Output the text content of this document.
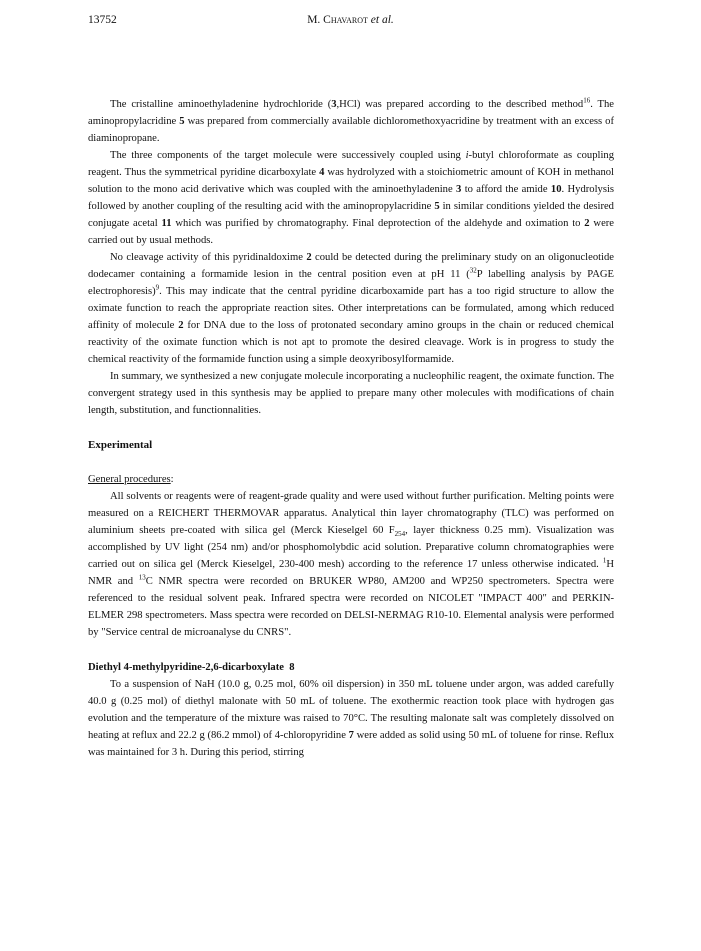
13752	M. Chavarot et al.

The cristalline aminoethyladenine hydrochloride (3,HCl) was prepared according to the described method$^{16}$. The aminopropylacridine 5 was prepared from commercially available dichloromethoxyacridine by treatment with an excess of diaminopropane.

The three components of the target molecule were successively coupled using i-butyl chloroformate as coupling reagent. Thus the symmetrical pyridine dicarboxylate 4 was hydrolyzed with a stoichiometric amount of KOH in methanol solution to the mono acid derivative which was coupled with the aminoethyladenine 3 to afford the amide 10. Hydrolysis followed by another coupling of the resulting acid with the aminopropylacridine 5 in similar conditions yielded the desired conjugate acetal 11 which was purified by chromatography. Final deprotection of the aldehyde and oximation to 2 were carried out by usual methods.

No cleavage activity of this pyridinaldoxime 2 could be detected during the preliminary study on an oligonucleotide dodecamer containing a formamide lesion in the central position even at pH 11 ($^{32}$P labelling analysis by PAGE electrophoresis)$^9$. This may indicate that the central pyridine dicarboxamide part has a too rigid structure to allow the oximate function to reach the appropriate reaction sites. Other interpretations can be formulated, among which reduced affinity of molecule 2 for DNA due to the loss of protonated secondary amino groups in the chain or reduced chemical reactivity of the oximate function which is not apt to promote the desired cleavage. Work is in progress to study the chemical reactivity of the formamide function using a simple deoxyribosylformamide.

In summary, we synthesized a new conjugate molecule incorporating a nucleophilic reagent, the oximate function. The convergent strategy used in this synthesis may be applied to prepare many other molecules with modifications of chain length, substitution, and functionnalities.

Experimental

General procedures:

All solvents or reagents were of reagent-grade quality and were used without further purification. Melting points were measured on a REICHERT THERMOVAR apparatus. Analytical thin layer chromatography (TLC) was performed on aluminium sheets pre-coated with silica gel (Merck Kieselgel 60 $F_{254}$, layer thickness 0.25 mm). Visualization was accomplished by UV light (254 nm) and/or phosphomolybdic acid solution. Preparative column chromatographies were carried out on silica gel (Merck Kieselgel, 230-400 mesh) according to the reference 17 unless otherwise indicated. $^1$H NMR and $^{13}$C NMR spectra were recorded on BRUKER WP80, AM200 and WP250 spectrometers. Spectra were referenced to the residual solvent peak. Infrared spectra were recorded on NICOLET "IMPACT 400" and PERKIN-ELMER 298 spectrometers. Mass spectra were recorded on DELSI-NERMAG R10-10. Elemental analysis were performed by "Service central de microanalyse du CNRS".

Diethyl 4-methylpyridine-2,6-dicarboxylate 8

To a suspension of NaH (10.0 g, 0.25 mol, 60% oil dispersion) in 350 mL toluene under argon, was added carefully 40.0 g (0.25 mol) of diethyl malonate with 50 mL of toluene. The exothermic reaction took place with hydrogen gas evolution and the temperature of the mixture was raised to 70°C. The resulting malonate salt was completely dissolved on heating at reflux and 22.2 g (86.2 mmol) of 4-chloropyridine 7 were added as solid using 50 mL of toluene for rinse. Reflux was maintained for 3 h. During this period, stirring
